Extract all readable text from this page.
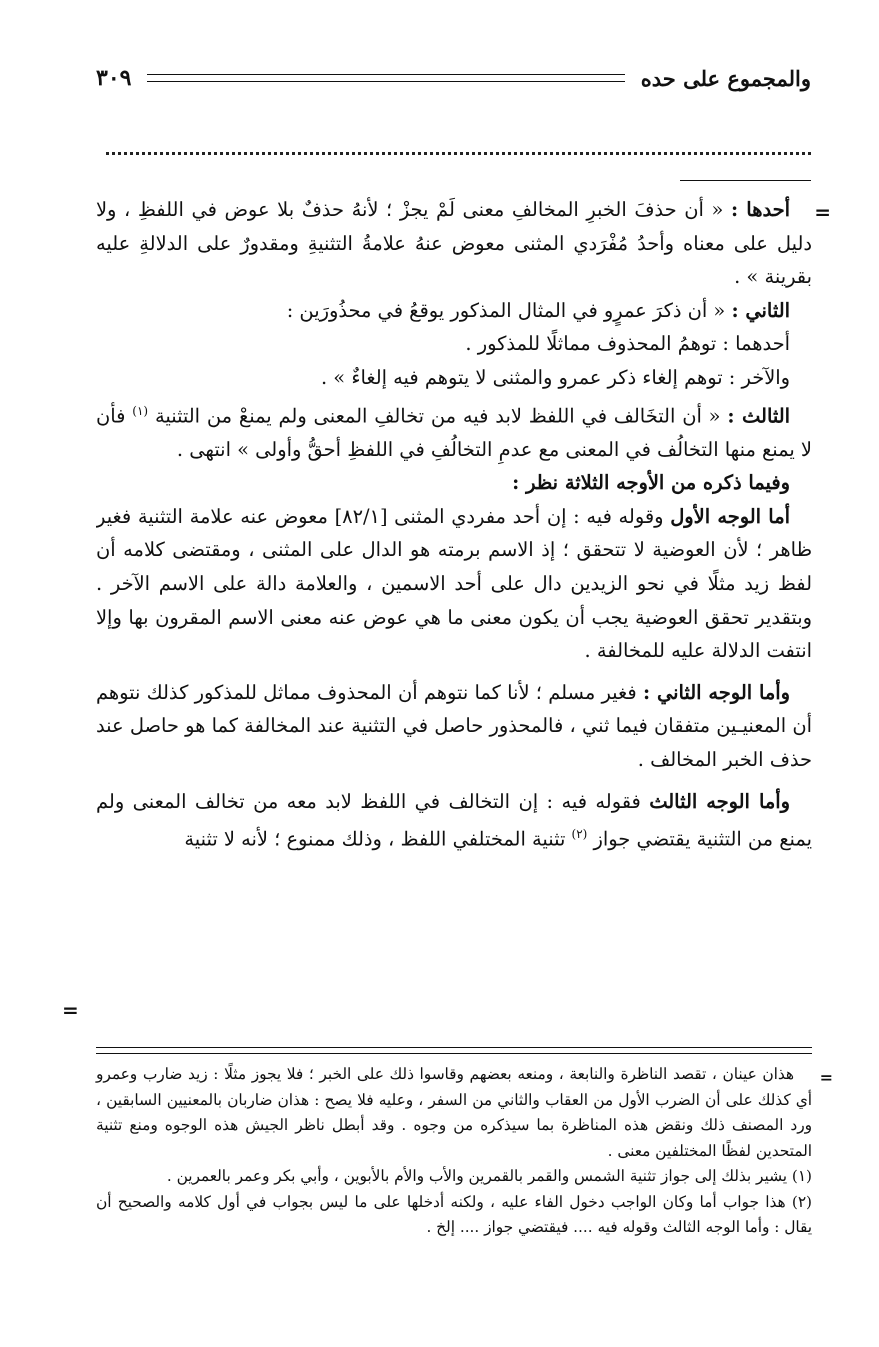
والمجموع على حده
٣٠٩
=
=

أحدها : « أن حذفَ الخبرِ المخالفِ معنى لَمْ يجزْ ؛ لأنهُ حذفٌ بلا عوض في اللفظِ ، ولا دليل على معناه وأحدُ مُفْرَدي المثنى معوض عنهُ علامةُ التثنيةِ ومقدورٌ على الدلالةِ عليه بقرينة » .

الثاني : « أن ذكرَ عمرٍو في المثال المذكور يوقعُ في محذُورَين :

أحدهما : توهمُ المحذوف مماثلًا للمذكور .

والآخر : توهم إلغاء ذكر عمرو والمثنى لا يتوهم فيه إلغاءٌ » .

الثالث : « أن التخَالف في اللفظ لابد فيه من تخالفِ المعنى ولم يمنعْ من التثنية $^{(١)}$ فأن لا يمنع منها التخالُف في المعنى مع عدمِ التخالُفِ في اللفظِ أحقُّ وأولى » انتهى .

وفيما ذكره من الأوجه الثلاثة نظر :

أما الوجه الأول وقوله فيه : إن أحد مفردي المثنى [٨٢/١] معوض عنه علامة التثنية فغير ظاهر ؛ لأن العوضية لا تتحقق ؛ إذ الاسم برمته هو الدال على المثنى ، ومقتضى كلامه أن لفظ زيد مثلًا في نحو الزيدين دال على أحد الاسمين ، والعلامة دالة على الاسم الآخر . وبتقدير تحقق العوضية يجب أن يكون معنى ما هي عوض عنه معنى الاسم المقرون بها وإلا انتفت الدلالة عليه للمخالفة .

وأما الوجه الثاني : فغير مسلم ؛ لأنا كما نتوهم أن المحذوف مماثل للمذكور كذلك نتوهم أن المعنيـين متفقان فيما ثني ، فالمحذور حاصل في التثنية عند المخالفة كما هو حاصل عند حذف الخبر المخالف .

وأما الوجه الثالث فقوله فيه : إن التخالف في اللفظ لابد معه من تخالف المعنى ولم يمنع من التثنية يقتضي جواز $^{(٢)}$ تثنية المختلفي اللفظ ، وذلك ممنوع ؛ لأنه لا تثنية

=

هذان عينان ، تقصد الناظرة والنابعة ، ومنعه بعضهم وقاسوا ذلك على الخبر ؛ فلا يجوز مثلًا : زيد ضارب وعمرو أي كذلك على أن الضرب الأول من العقاب والثاني من السفر ، وعليه فلا يصح : هذان ضاربان بالمعنيين السابقين ، ورد المصنف ذلك ونقض هذه المناظرة بما سيذكره من وجوه . وقد أبطل ناظر الجيش هذه الوجوه ومنع تثنية المتحدين لفظًا المختلفين معنى .

(١) يشير بذلك إلى جواز تثنية الشمس والقمر بالقمرين والأب والأم بالأبوين ، وأبي بكر وعمر بالعمرين .

(٢) هذا جواب أما وكان الواجب دخول الفاء عليه ، ولكنه أدخلها على ما ليس بجواب في أول كلامه والصحيح أن يقال : وأما الوجه الثالث وقوله فيه .... فيقتضي جواز .... إلخ .
